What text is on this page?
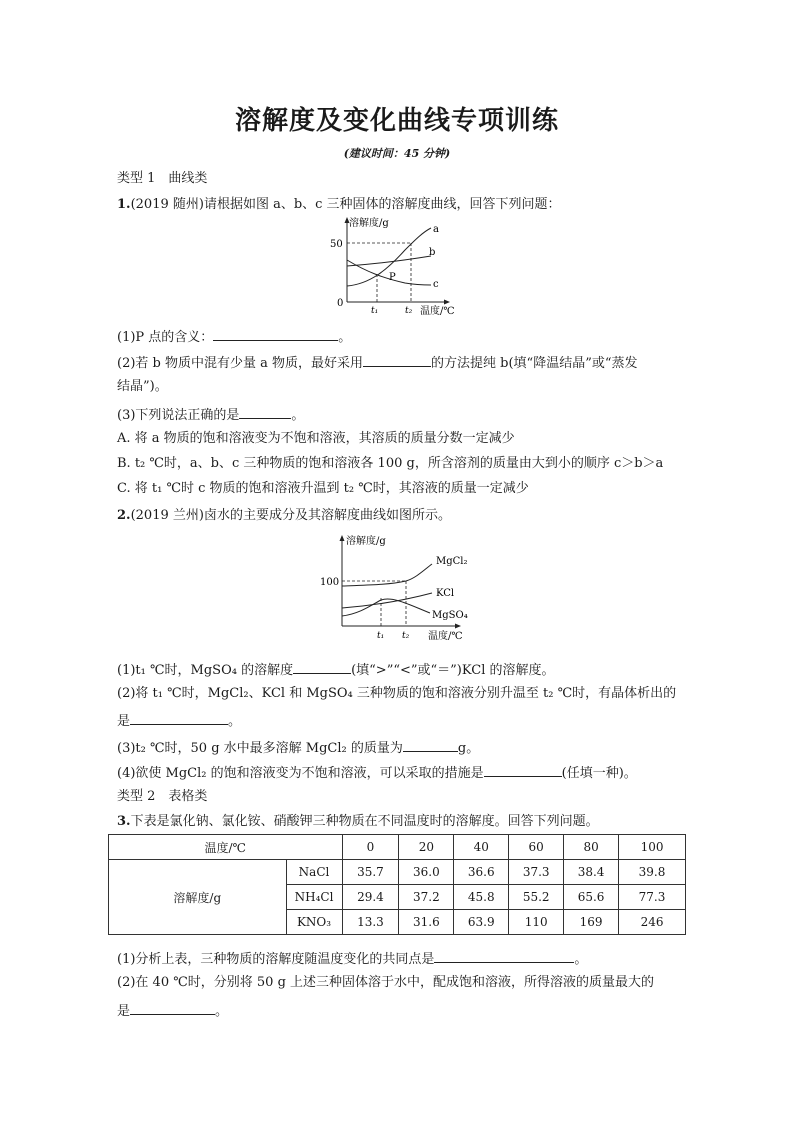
溶解度及变化曲线专项训练
(建议时间：45 分钟)
类型 1　曲线类
1.(2019 随州)请根据如图 a、b、c 三种固体的溶解度曲线，回答下列问题：
溶解度/g
50
0
t₁	t₂ 温度/℃
P
a
b
c
(1)P 点的含义：	。
(2)若 b 物质中混有少量 a 物质，最好采用	的方法提纯 b(填“降温结晶”或“蒸发
结晶”)。
(3)下列说法正确的是	。
A. 将 a 物质的饱和溶液变为不饱和溶液，其溶质的质量分数一定减少
B. t₂ ℃时，a、b、c 三种物质的饱和溶液各 100 g，所含溶剂的质量由大到小的顺序 c＞b＞a
C. 将 t₁ ℃时 c 物质的饱和溶液升温到 t₂ ℃时，其溶液的质量一定减少
2.(2019 兰州)卤水的主要成分及其溶解度曲线如图所示。
溶解度/g
100
t₁ t₂ 温度/℃
MgCl₂
KCl
MgSO₄
(1)t₁ ℃时，MgSO₄ 的溶解度	(填“>”“<”或“＝”)KCl 的溶解度。
(2)将 t₁ ℃时，MgCl₂、KCl 和 MgSO₄ 三种物质的饱和溶液分别升温至 t₂ ℃时，有晶体析出的
是	。
(3)t₂ ℃时，50 g 水中最多溶解 MgCl₂ 的质量为	g。
(4)欲使 MgCl₂ 的饱和溶液变为不饱和溶液，可以采取的措施是	(任填一种)。
类型 2　表格类
3.下表是氯化钠、氯化铵、硝酸钾三种物质在不同温度时的溶解度。回答下列问题。
温度/℃		0	20	40	60	80	100
溶解度/g	NaCl	35.7	36.0	36.6	37.3	38.4	39.8
	NH₄Cl	29.4	37.2	45.8	55.2	65.6	77.3
	KNO₃	13.3	31.6	63.9	110	169	246
(1)分析上表，三种物质的溶解度随温度变化的共同点是	。
(2)在 40 ℃时，分别将 50 g 上述三种固体溶于水中，配成饱和溶液，所得溶液的质量最大的
是	。
